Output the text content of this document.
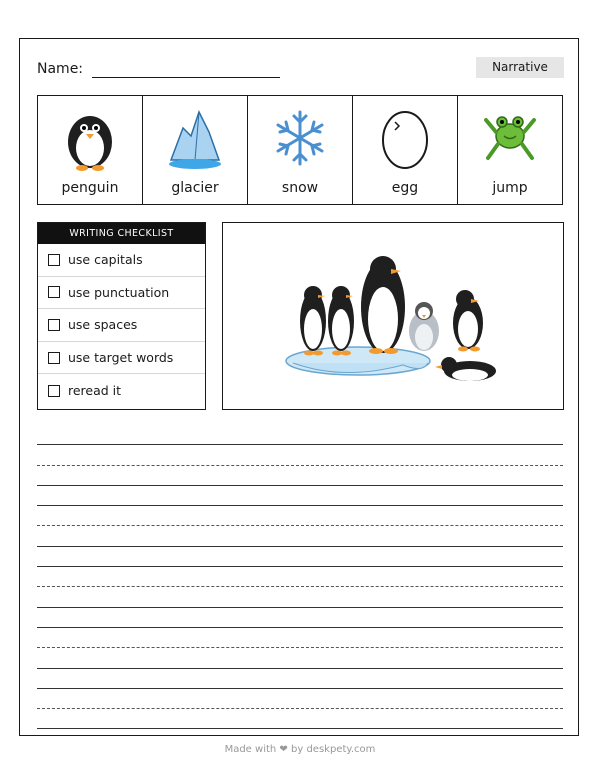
Name:	Narrative
penguin	glacier	snow	egg	jump
WRITING CHECKLIST
use capitals
use punctuation
use spaces
use target words
reread it
Made with ❤ by deskpety.com
